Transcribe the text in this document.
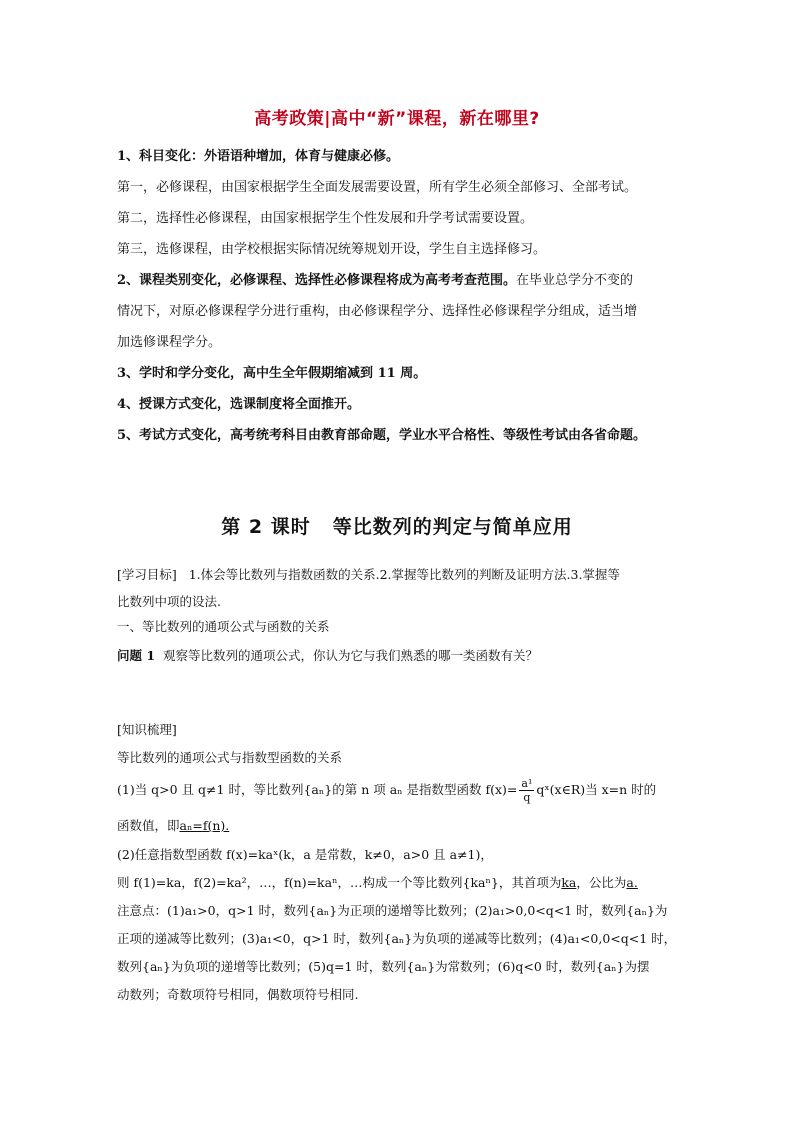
高考政策|高中“新”课程，新在哪里?
1、科目变化：外语语种增加，体育与健康必修。
第一，必修课程，由国家根据学生全面发展需要设置，所有学生必须全部修习、全部考试。
第二，选择性必修课程，由国家根据学生个性发展和升学考试需要设置。
第三，选修课程，由学校根据实际情况统筹规划开设，学生自主选择修习。
2、课程类别变化，必修课程、选择性必修课程将成为高考考查范围。在毕业总学分不变的
情况下，对原必修课程学分进行重构，由必修课程学分、选择性必修课程学分组成，适当增
加选修课程学分。
3、学时和学分变化，高中生全年假期缩减到 11 周。
4、授课方式变化，选课制度将全面推开。
5、考试方式变化，高考统考科目由教育部命题，学业水平合格性、等级性考试由各省命题。
第 2 课时 等比数列的判定与简单应用
[学习目标] 1.体会等比数列与指数函数的关系.2.掌握等比数列的判断及证明方法.3.掌握等
比数列中项的设法.
一、等比数列的通项公式与函数的关系
问题 1 观察等比数列的通项公式，你认为它与我们熟悉的哪一类函数有关？
[知识梳理]
等比数列的通项公式与指数型函数的关系
(1)当 q>0 且 q≠1 时，等比数列{aₙ}的第 n 项 aₙ 是指数型函数 $f(x)= \frac{\text{a¹}}{q}$ qˣ(x∈R)当 x=n 时的
函数值，即aₙ=f(n).
(2)任意指数型函数 f(x)=kaˣ(k，a 是常数，k≠0，a>0 且 a≠1)，
则 f(1)=ka，f(2)=ka²，…，f(n)=kaⁿ，…构成一个等比数列{kaⁿ}，其首项为ka，公比为a.
注意点：(1)a₁>0，q>1 时，数列{aₙ}为正项的递增等比数列；(2)a₁>0,0<q<1 时，数列{aₙ}为
正项的递减等比数列；(3)a₁<0，q>1 时，数列{aₙ}为负项的递减等比数列；(4)a₁<0,0<q<1 时，
数列{aₙ}为负项的递增等比数列；(5)q=1 时，数列{aₙ}为常数列；(6)q<0 时，数列{aₙ}为摆
动数列；奇数项符号相同，偶数项符号相同.
